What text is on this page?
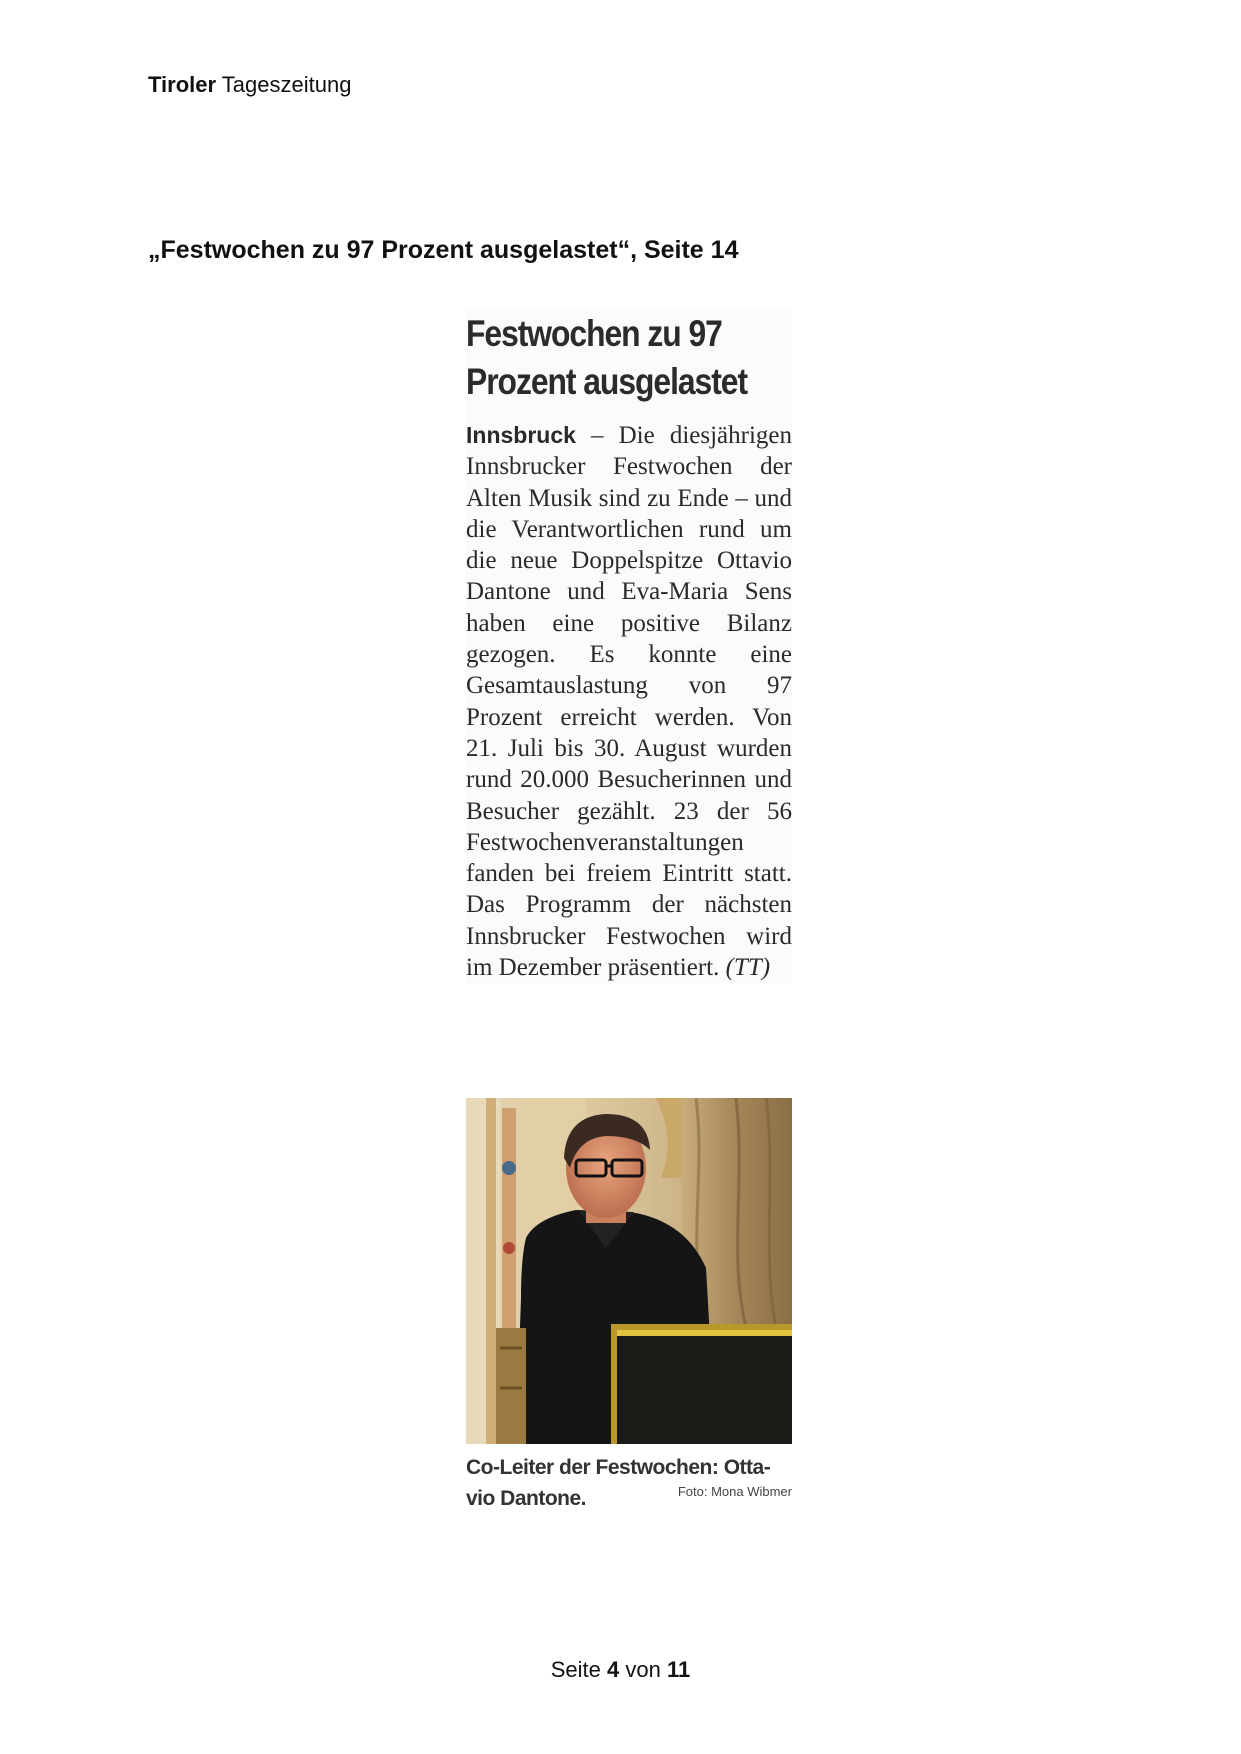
Tiroler Tageszeitung
„Festwochen zu 97 Prozent ausgelastet“, Seite 14
Festwochen zu 97
Prozent ausgelastet
Innsbruck – Die diesjährigen Innsbrucker Festwochen der Alten Musik sind zu Ende – und die Verantwortlichen rund um die neue Doppelspitze Ottavio Dantone und Eva-Maria Sens haben eine positive Bilanz gezogen. Es konnte eine Gesamtauslastung von 97 Prozent erreicht werden. Von 21. Juli bis 30. August wurden rund 20.000 Besucherinnen und Besucher gezählt. 23 der 56 Festwochenveranstaltungen fanden bei freiem Eintritt statt. Das Programm der nächsten Innsbrucker Festwochen wird im Dezember präsentiert. (TT)
Co-Leiter der Festwochen: Ottavio Dantone.	Foto: Mona Wibmer
Seite 4 von 11
